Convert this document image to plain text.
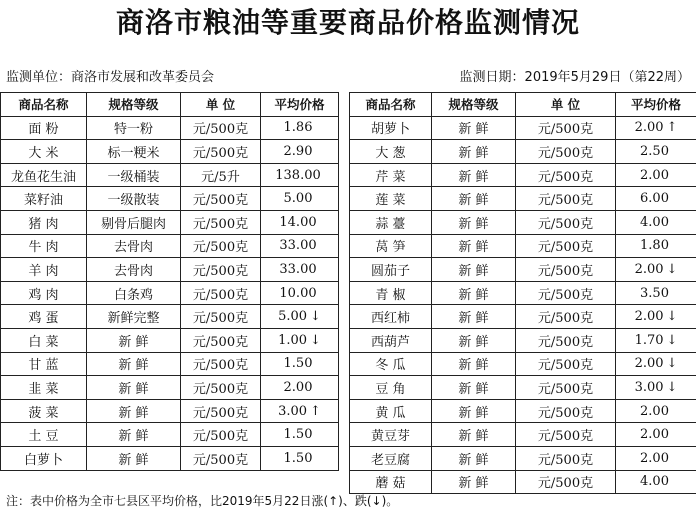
商洛市粮油等重要商品价格监测情况
监测单位：商洛市发展和改革委员会	监测日期：2019年5月29日（第22周）
商品名称	规格等级	单 位	平均价格
面 粉	特一粉	元/500克	1.86
大 米	标一粳米	元/500克	2.90
龙鱼花生油	一级桶装	元/5升	138.00
菜籽油	一级散装	元/500克	5.00
猪 肉	剔骨后腿肉	元/500克	14.00
牛 肉	去骨肉	元/500克	33.00
羊 肉	去骨肉	元/500克	33.00
鸡 肉	白条鸡	元/500克	10.00
鸡 蛋	新鲜完整	元/500克	5.00 ↓
白 菜	新 鲜	元/500克	1.00 ↓
甘 蓝	新 鲜	元/500克	1.50
韭 菜	新 鲜	元/500克	2.00
菠 菜	新 鲜	元/500克	3.00 ↑
土 豆	新 鲜	元/500克	1.50
白萝卜	新 鲜	元/500克	1.50
商品名称	规格等级	单 位	平均价格
胡萝卜	新 鲜	元/500克	2.00 ↑
大 葱	新 鲜	元/500克	2.50
芹 菜	新 鲜	元/500克	2.00
莲 菜	新 鲜	元/500克	6.00
蒜 薹	新 鲜	元/500克	4.00
莴 笋	新 鲜	元/500克	1.80
圆茄子	新 鲜	元/500克	2.00 ↓
青 椒	新 鲜	元/500克	3.50
西红柿	新 鲜	元/500克	2.00 ↓
西葫芦	新 鲜	元/500克	1.70 ↓
冬 瓜	新 鲜	元/500克	2.00 ↓
豆 角	新 鲜	元/500克	3.00 ↓
黄 瓜	新 鲜	元/500克	2.00
黄豆芽	新 鲜	元/500克	2.00
老豆腐	新 鲜	元/500克	2.00
蘑 菇	新 鲜	元/500克	4.00
注：表中价格为全市七县区平均价格，比2019年5月22日涨(↑)、跌(↓)。
